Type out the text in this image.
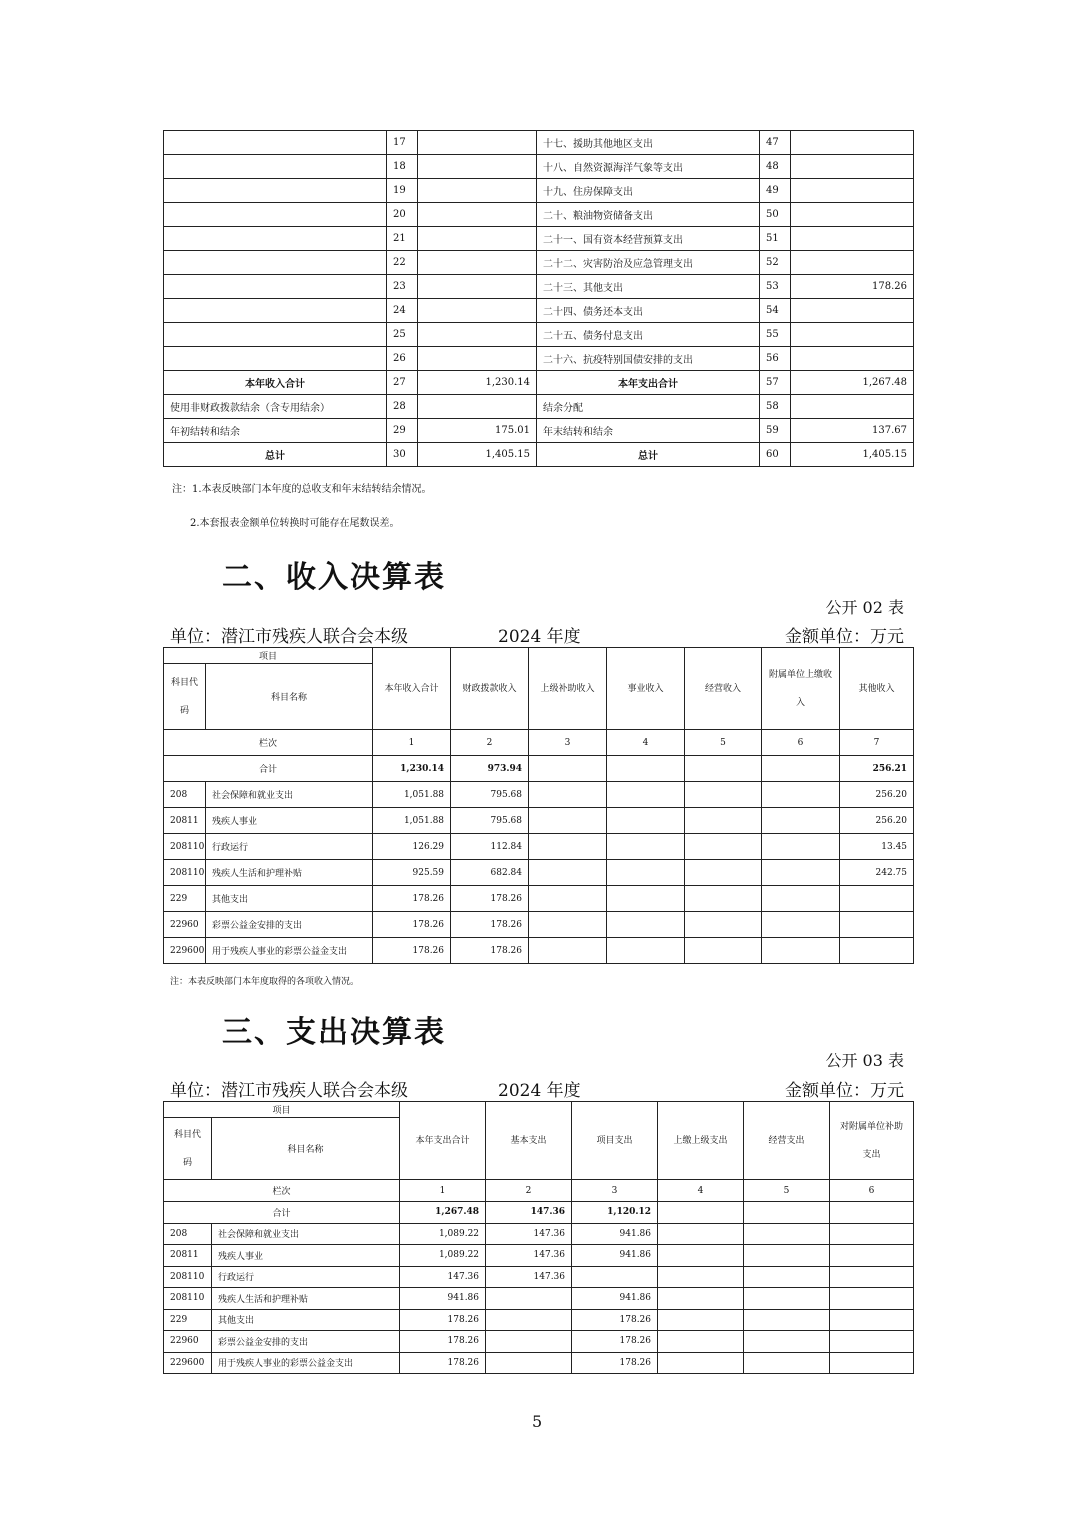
	17		十七、援助其他地区支出	47	
	18		十八、自然资源海洋气象等支出	48	
	19		十九、住房保障支出	49	
	20		二十、粮油物资储备支出	50	
	21		二十一、国有资本经营预算支出	51	
	22		二十二、灾害防治及应急管理支出	52	
	23		二十三、其他支出	53	178.26
	24		二十四、债务还本支出	54	
	25		二十五、债务付息支出	55	
	26		二十六、抗疫特别国债安排的支出	56	
本年收入合计	27	1,230.14	本年支出合计	57	1,267.48
使用非财政拨款结余（含专用结余）	28		结余分配	58	
年初结转和结余	29	175.01	年末结转和结余	59	137.67
总计	30	1,405.15	总计	60	1,405.15
注：1.本表反映部门本年度的总收支和年末结转结余情况。
2.本套报表金额单位转换时可能存在尾数误差。
二、收入决算表
公开 02 表
单位：潜江市残疾人联合会本级	2024 年度	金额单位：万元
项目		本年收入合计	财政拨款收入	上级补助收入	事业收入	经营收入	附属单位上缴收入	其他收入
科目代码	科目名称							
栏次		1	2	3	4	5	6	7
合计		1,230.14	973.94					256.21
208	社会保障和就业支出	1,051.88	795.68					256.20
20811	残疾人事业	1,051.88	795.68					256.20
208110	行政运行	126.29	112.84					13.45
208110	残疾人生活和护理补贴	925.59	682.84					242.75
229	其他支出	178.26	178.26					
22960	彩票公益金安排的支出	178.26	178.26					
229600	用于残疾人事业的彩票公益金支出	178.26	178.26					
注：本表反映部门本年度取得的各项收入情况。
三、支出决算表
公开 03 表
单位：潜江市残疾人联合会本级	2024 年度	金额单位：万元
项目		本年支出合计	基本支出	项目支出	上缴上级支出	经营支出	对附属单位补助支出
科目代码	科目名称						
栏次		1	2	3	4	5	6
合计		1,267.48	147.36	1,120.12			
208	社会保障和就业支出	1,089.22	147.36	941.86			
20811	残疾人事业	1,089.22	147.36	941.86			
208110	行政运行	147.36	147.36				
208110	残疾人生活和护理补贴	941.86		941.86			
229	其他支出	178.26		178.26			
22960	彩票公益金安排的支出	178.26		178.26			
229600	用于残疾人事业的彩票公益金支出	178.26		178.26			
5
